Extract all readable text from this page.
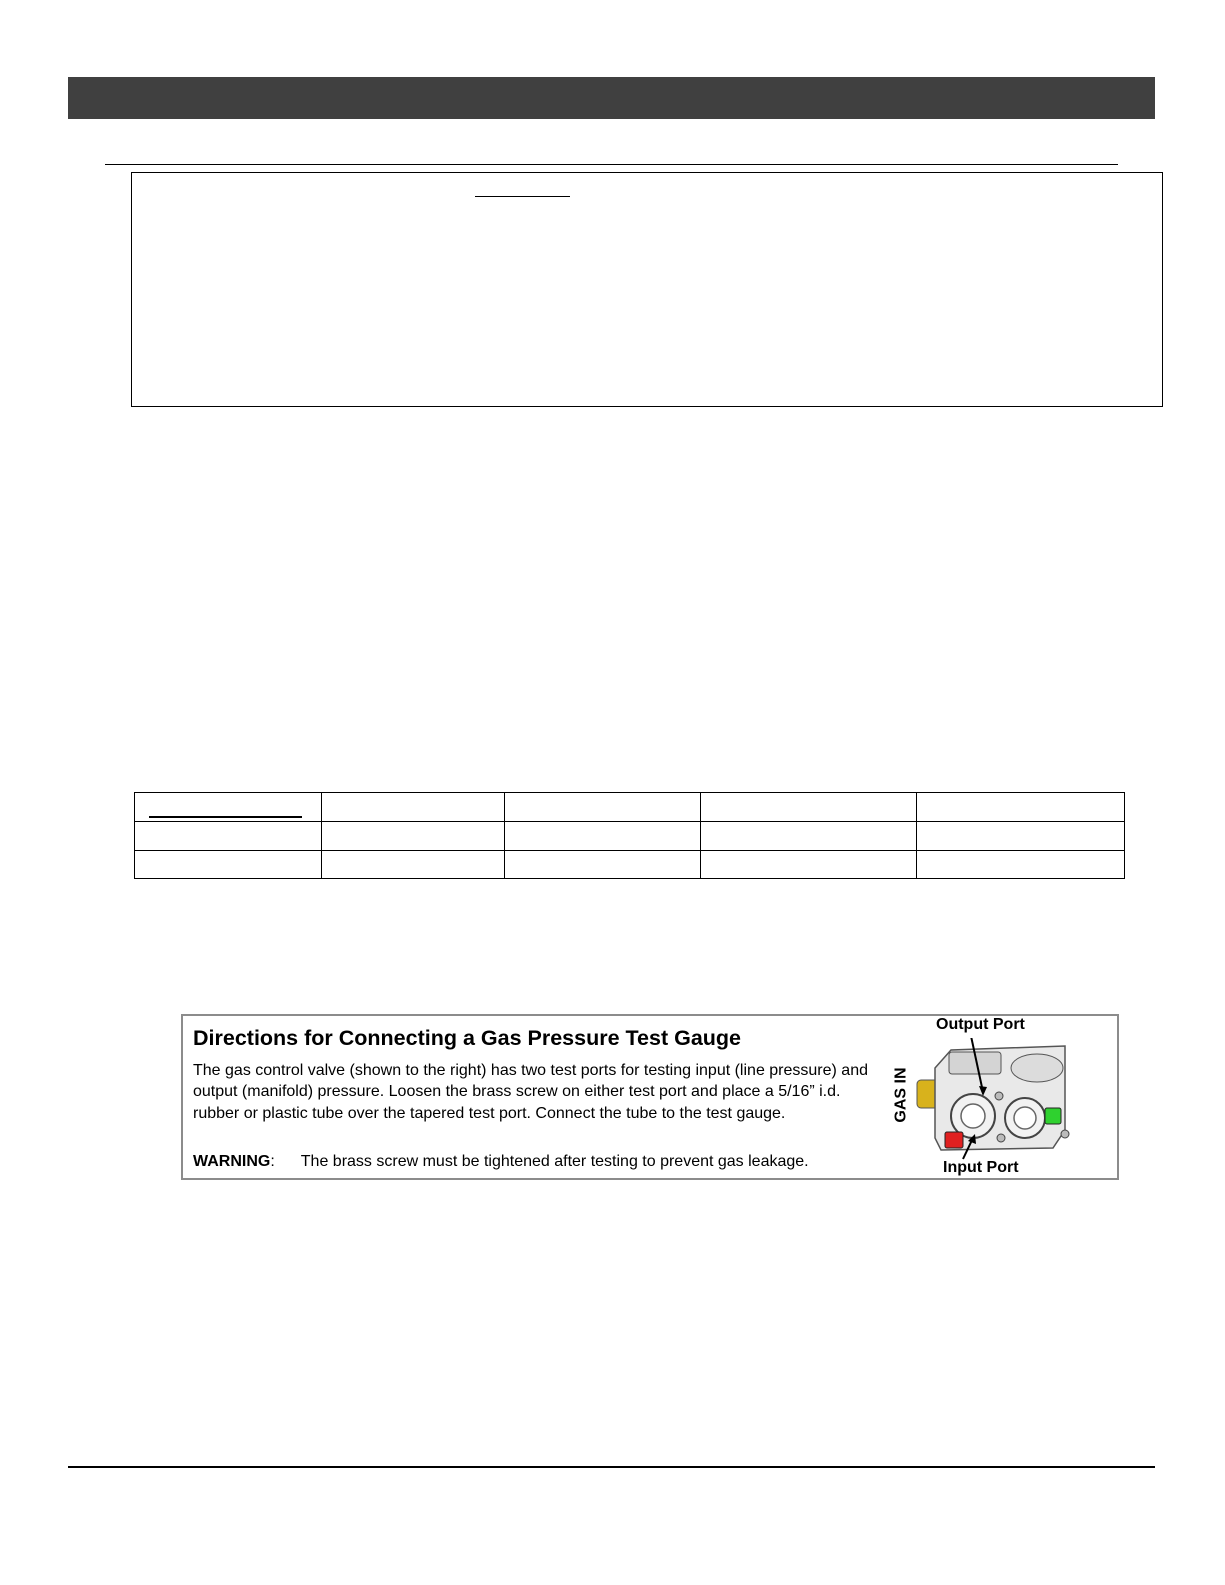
Directions for Connecting a Gas Pressure Test Gauge
The gas control valve (shown to the right) has two test ports for testing input (line pressure) and output (manifold) pressure. Loosen the brass screw on either test port and place a 5/16” i.d. rubber or plastic tube over the tapered test port. Connect the tube to the test gauge.
WARNING: The brass screw must be tightened after testing to prevent gas leakage.
Output Port
Input Port
GAS IN
